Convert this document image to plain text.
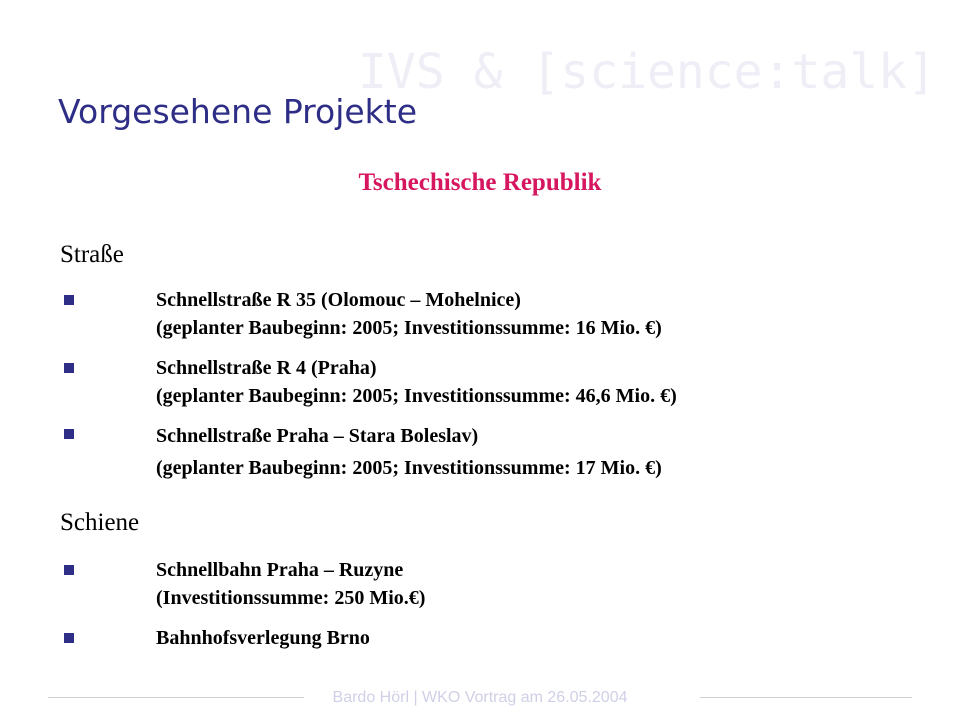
IVS & [science:talk]
Vorgesehene Projekte
Tschechische Republik
Straße
Schnellstraße R 35 (Olomouc – Mohelnice)
(geplanter Baubeginn: 2005; Investitionssumme: 16 Mio. €)
Schnellstraße R 4 (Praha)
(geplanter Baubeginn: 2005; Investitionssumme: 46,6 Mio. €)
Schnellstraße Praha – Stara Boleslav)
(geplanter Baubeginn: 2005; Investitionssumme: 17 Mio. €)
Schiene
Schnellbahn Praha – Ruzyne
(Investitionssumme: 250 Mio.€)
Bahnhofsverlegung Brno
Bardo Hörl | WKO Vortrag am 26.05.2004
